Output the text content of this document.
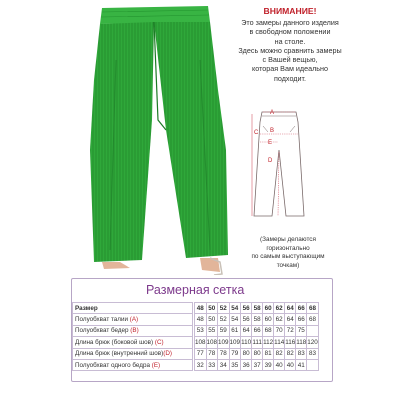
ВНИМАНИЕ!
Это замеры данного изделия
в свободном положении
на столе.
Здесь можно сравнить замеры
с Вашей вещью,
которая Вам идеально
подходит.
A
B
C
D
E
(Замеры делаются
горизонтально
по самым выступающим
точкам)
Размерная сетка
Размер		48	50	52	54	56	58	60	62	64	66	68
Полуобхват талии (А)		48	50	52	54	56	58	60	62	64	66	68
Полуобхват бедер (B)		53	55	59	61	64	66	68	70	72	75	
Длина брюк (боковой шов) (C)		108	108	109	109	110	111	112	114	116	118	120
Длина брюк (внутренний шов)(D)		77	78	78	79	80	80	81	82	82	83	83
Полуобхват одного бедра (E)		32	33	34	35	36	37	39	40	40	41	
